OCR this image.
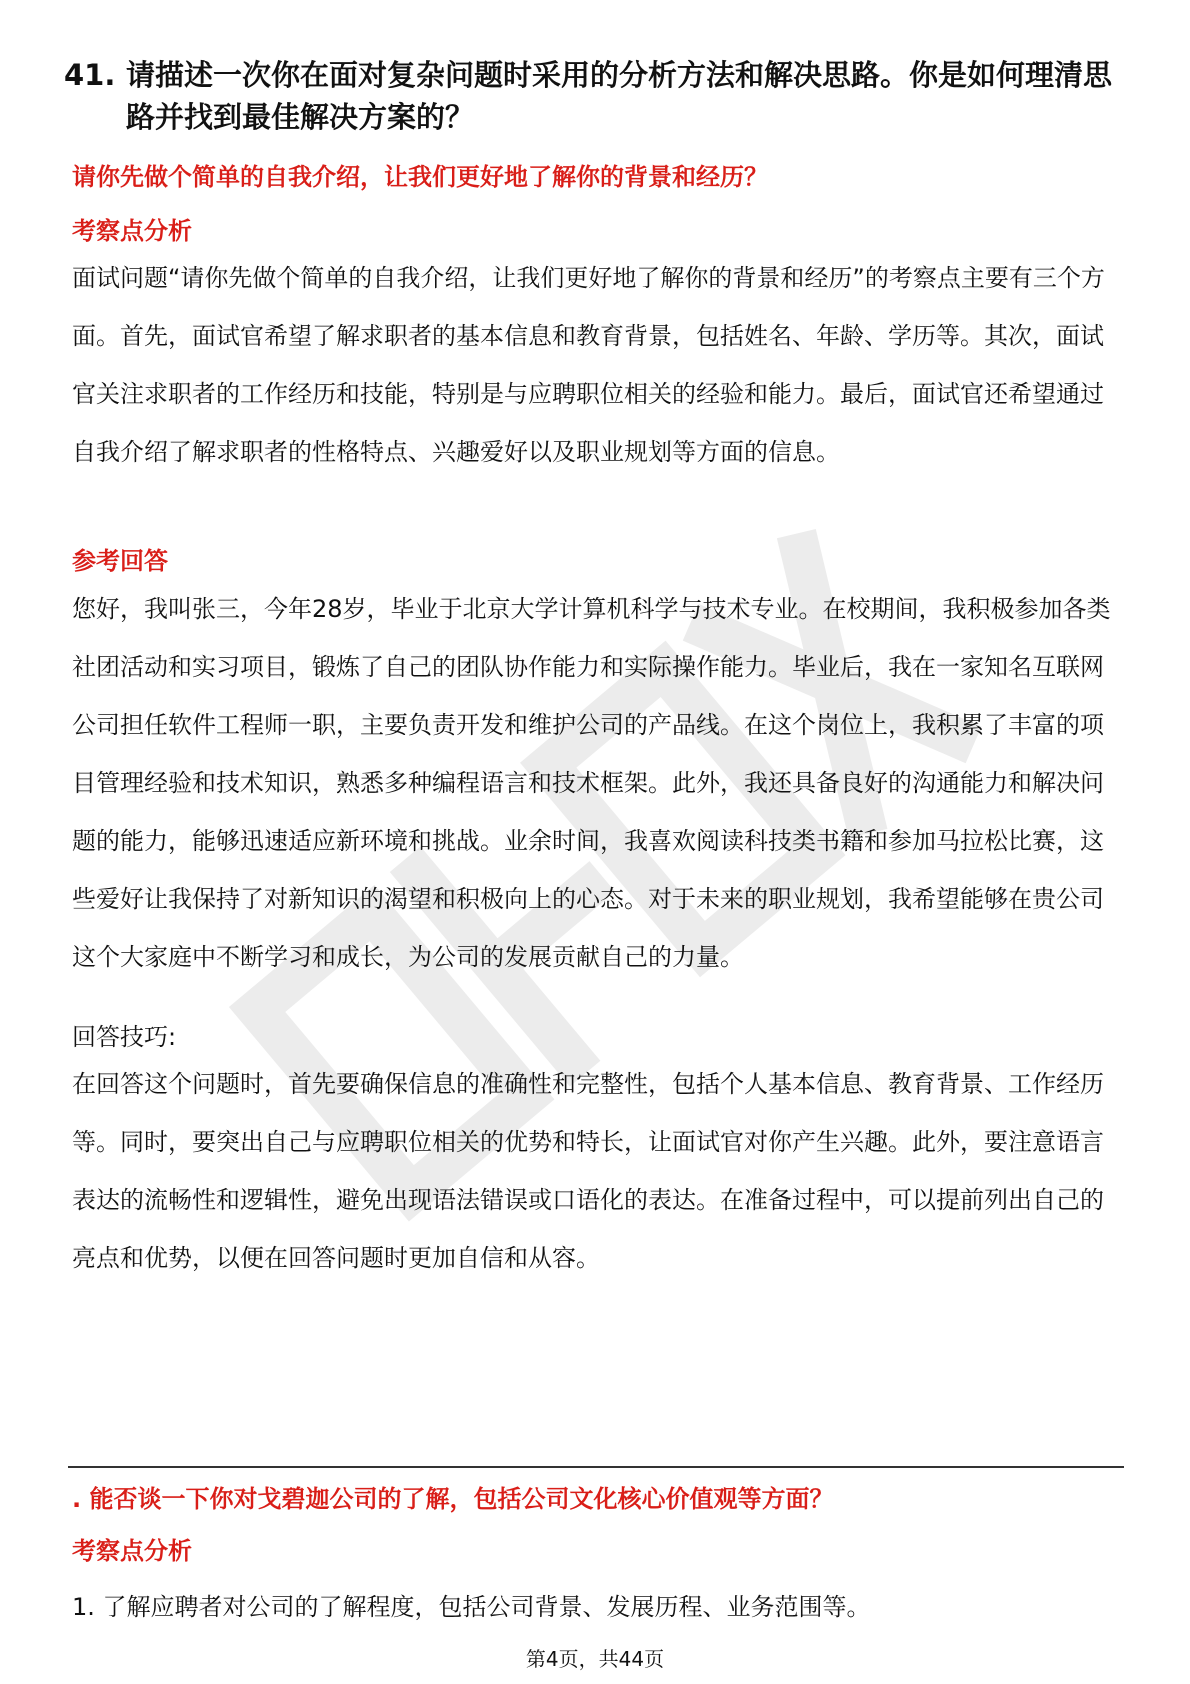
41. 请描述一次你在面对复杂问题时采用的分析方法和解决思路。你是如何理清思路并找到最佳解决方案的？
请你先做个简单的自我介绍，让我们更好地了解你的背景和经历？
考察点分析

面试问题“请你先做个简单的自我介绍，让我们更好地了解你的背景和经历”的考察点主要有三个方面。首先，面试官希望了解求职者的基本信息和教育背景，包括姓名、年龄、学历等。其次，面试官关注求职者的工作经历和技能，特别是与应聘职位相关的经验和能力。最后，面试官还希望通过自我介绍了解求职者的性格特点、兴趣爱好以及职业规划等方面的信息。

参考回答

您好，我叫张三，今年28岁，毕业于北京大学计算机科学与技术专业。在校期间，我积极参加各类社团活动和实习项目，锻炼了自己的团队协作能力和实际操作能力。毕业后，我在一家知名互联网公司担任软件工程师一职，主要负责开发和维护公司的产品线。在这个岗位上，我积累了丰富的项目管理经验和技术知识，熟悉多种编程语言和技术框架。此外，我还具备良好的沟通能力和解决问题的能力，能够迅速适应新环境和挑战。业余时间，我喜欢阅读科技类书籍和参加马拉松比赛，这些爱好让我保持了对新知识的渴望和积极向上的心态。对于未来的职业规划，我希望能够在贵公司这个大家庭中不断学习和成长，为公司的发展贡献自己的力量。

回答技巧:

在回答这个问题时，首先要确保信息的准确性和完整性，包括个人基本信息、教育背景、工作经历等。同时，要突出自己与应聘职位相关的优势和特长，让面试官对你产生兴趣。此外，要注意语言表达的流畅性和逻辑性，避免出现语法错误或口语化的表达。在准备过程中，可以提前列出自己的亮点和优势，以便在回答问题时更加自信和从容。

. 能否谈一下你对戈碧迦公司的了解，包括公司文化核心价值观等方面？
考察点分析
1. 了解应聘者对公司的了解程度，包括公司背景、发展历程、业务范围等。
第4页，共44页
